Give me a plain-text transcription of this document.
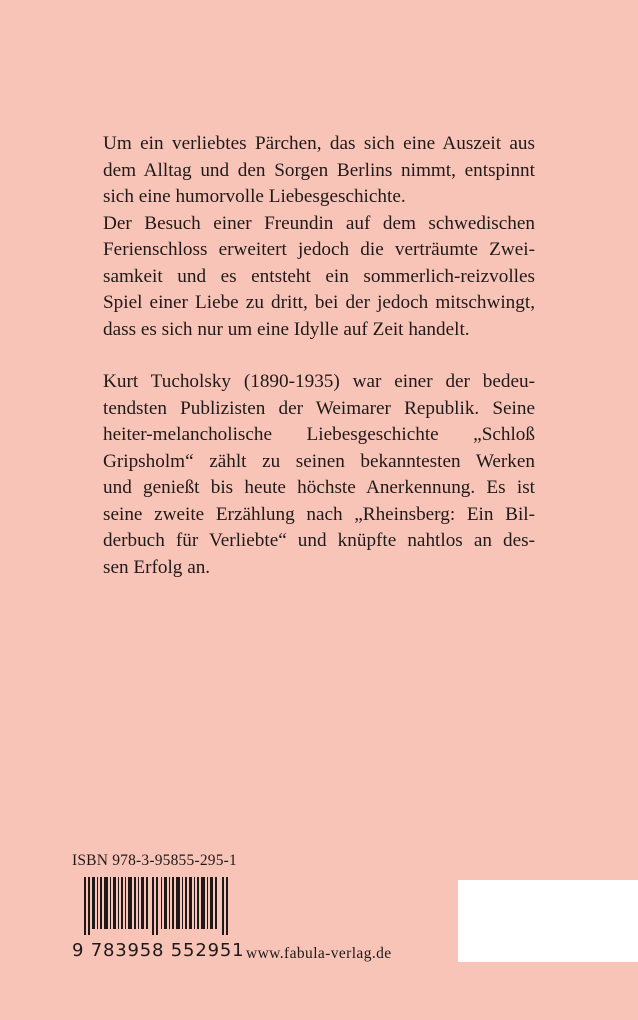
Um ein verliebtes Pärchen, das sich eine Auszeit aus
dem Alltag und den Sorgen Berlins nimmt, entspinnt
sich eine humorvolle Liebesgeschichte.
Der Besuch einer Freundin auf dem schwedischen
Ferienschloss erweitert jedoch die verträumte Zwei-
samkeit und es entsteht ein sommerlich-reizvolles
Spiel einer Liebe zu dritt, bei der jedoch mitschwingt,
dass es sich nur um eine Idylle auf Zeit handelt.

Kurt Tucholsky (1890-1935) war einer der bedeu-
tendsten Publizisten der Weimarer Republik. Seine
heiter-melancholische Liebesgeschichte „Schloß
Gripsholm“ zählt zu seinen bekanntesten Werken
und genießt bis heute höchste Anerkennung. Es ist
seine zweite Erzählung nach „Rheinsberg: Ein Bil-
derbuch für Verliebte“ und knüpfte nahtlos an des-
sen Erfolg an.

ISBN 978-3-95855-295-1
9 783958 552951 www.fabula-verlag.de
